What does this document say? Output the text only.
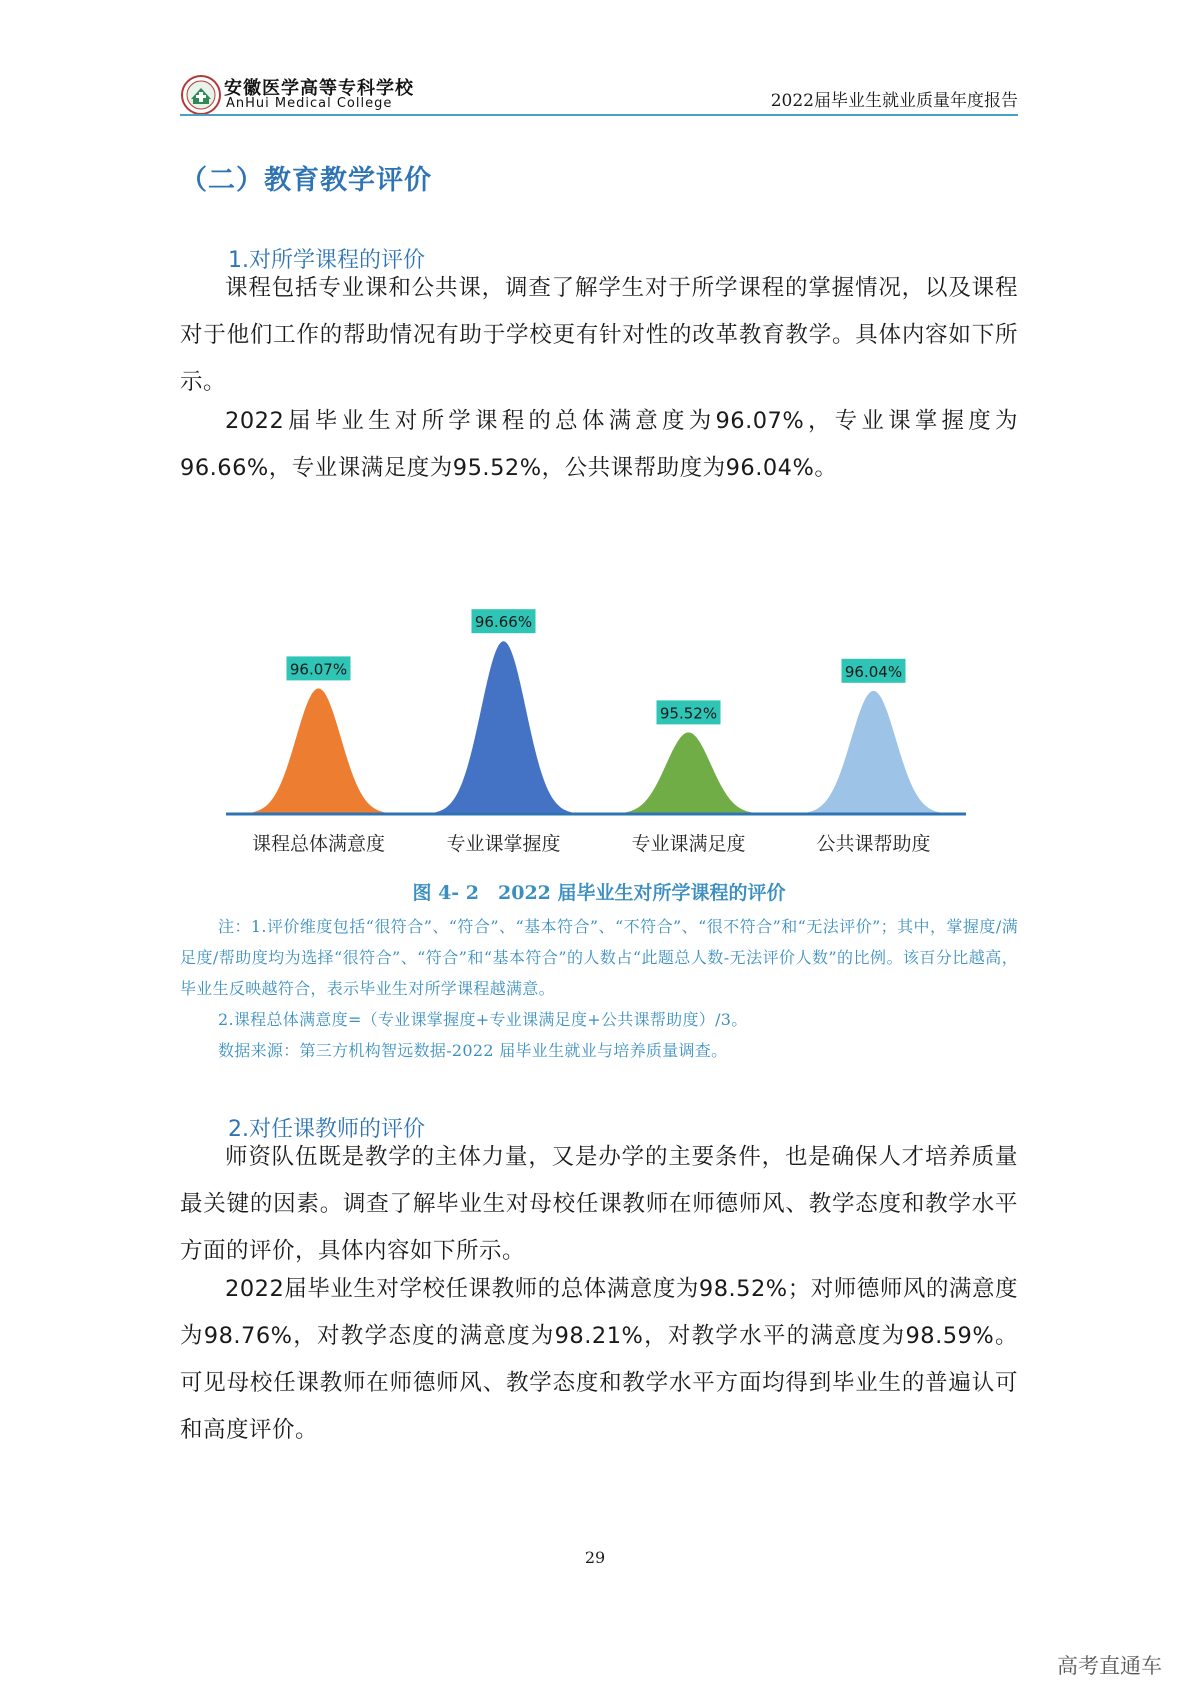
安徽医学高等专科学校
AnHui Medical College	2022届毕业生就业质量年度报告
（二）教育教学评价
1.对所学课程的评价
课程包括专业课和公共课，调查了解学生对于所学课程的掌握情况，以及课程对于他们工作的帮助情况有助于学校更有针对性的改革教育教学。具体内容如下所示。
2022届毕业生对所学课程的总体满意度为96.07%，专业课掌握度为96.66%，专业课满足度为95.52%，公共课帮助度为96.04%。
96.07%
课程总体满意度
96.66%
专业课掌握度
95.52%
专业课满足度
96.04%
公共课帮助度
图 4- 2　2022 届毕业生对所学课程的评价
注：1.评价维度包括“很符合”、“符合”、“基本符合”、“不符合”、“很不符合”和“无法评价”；其中，掌握度/满足度/帮助度均为选择“很符合”、“符合”和“基本符合”的人数占“此题总人数-无法评价人数”的比例。该百分比越高，毕业生反映越符合，表示毕业生对所学课程越满意。
2.课程总体满意度=（专业课掌握度+专业课满足度+公共课帮助度）/3。
数据来源：第三方机构智远数据-2022 届毕业生就业与培养质量调查。
2.对任课教师的评价
师资队伍既是教学的主体力量，又是办学的主要条件，也是确保人才培养质量最关键的因素。调查了解毕业生对母校任课教师在师德师风、教学态度和教学水平方面的评价，具体内容如下所示。
2022届毕业生对学校任课教师的总体满意度为98.52%；对师德师风的满意度为98.76%，对教学态度的满意度为98.21%，对教学水平的满意度为98.59%。可见母校任课教师在师德师风、教学态度和教学水平方面均得到毕业生的普遍认可和高度评价。
29
高考直通车
